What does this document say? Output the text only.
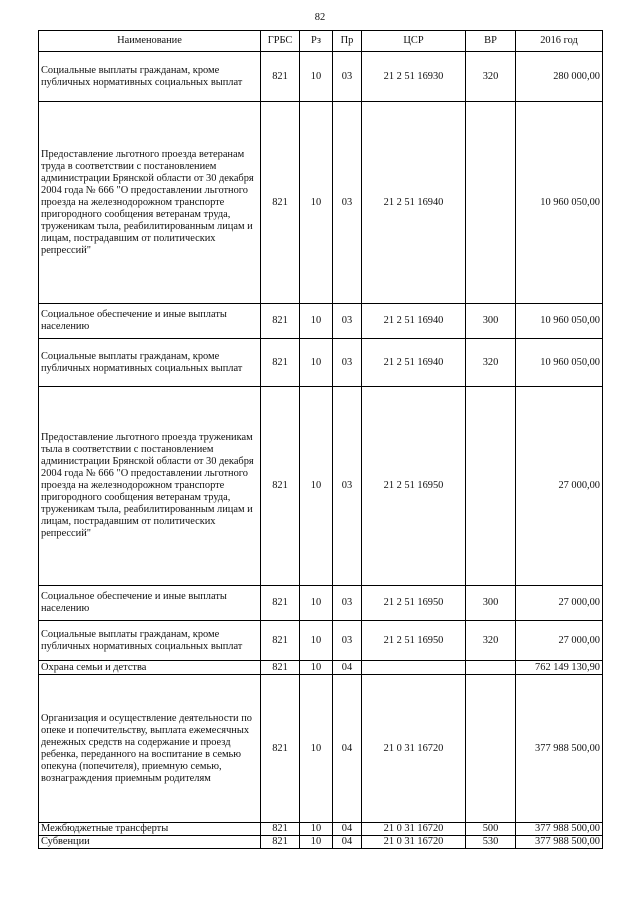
82
Наименование	ГРБС	Рз	Пр	ЦСР	ВР	2016 год
Социальные выплаты гражданам, кроме публичных нормативных социальных выплат	821	10	03	21 2 51 16930	320	280 000,00
Предоставление льготного проезда ветеранам труда в соответствии с постановлением администрации Брянской области от 30 декабря 2004 года № 666 "О предоставлении льготного проезда на железнодорожном транспорте пригородного сообщения ветеранам труда, труженикам тыла, реабилитированным лицам и лицам, пострадавшим от политических репрессий"	821	10	03	21 2 51 16940		10 960 050,00
Социальное обеспечение и иные выплаты населению	821	10	03	21 2 51 16940	300	10 960 050,00
Социальные выплаты гражданам, кроме публичных нормативных социальных выплат	821	10	03	21 2 51 16940	320	10 960 050,00
Предоставление льготного проезда труженикам тыла в соответствии с постановлением администрации Брянской области от 30 декабря 2004 года № 666 "О предоставлении льготного проезда на железнодорожном транспорте пригородного сообщения ветеранам труда, труженикам тыла, реабилитированным лицам и лицам, пострадавшим от политических репрессий"	821	10	03	21 2 51 16950		27 000,00
Социальное обеспечение и иные выплаты населению	821	10	03	21 2 51 16950	300	27 000,00
Социальные выплаты гражданам, кроме публичных нормативных социальных выплат	821	10	03	21 2 51 16950	320	27 000,00
Охрана семьи и детства	821	10	04			762 149 130,90
Организация и осуществление деятельности по опеке и попечительству, выплата ежемесячных денежных средств на содержание и проезд ребенка, переданного на воспитание в семью опекуна (попечителя), приемную семью, вознаграждения приемным родителям	821	10	04	21 0 31 16720		377 988 500,00
Межбюджетные трансферты	821	10	04	21 0 31 16720	500	377 988 500,00
Субвенции	821	10	04	21 0 31 16720	530	377 988 500,00
